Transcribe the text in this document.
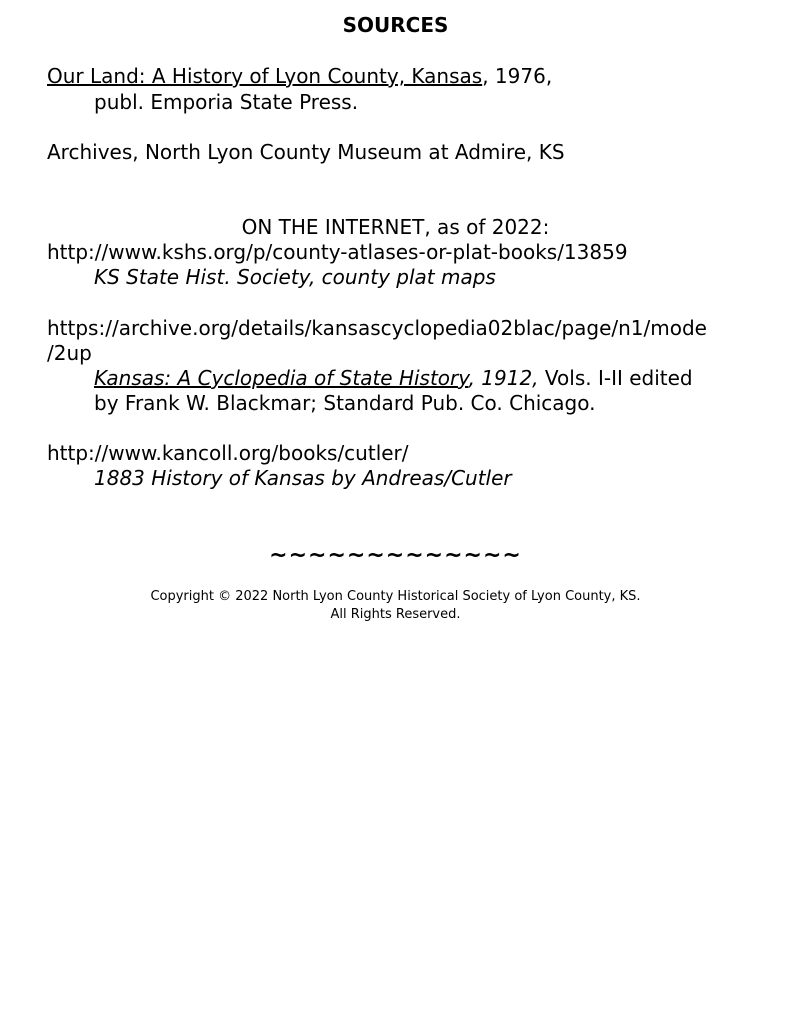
SOURCES
Our Land: A History of Lyon County, Kansas, 1976,
publ. Emporia State Press.
Archives, North Lyon County Museum at Admire, KS
ON THE INTERNET, as of 2022:
http://www.kshs.org/p/county-atlases-or-plat-books/13859
KS State Hist. Society, county plat maps
https://archive.org/details/kansascyclopedia02blac/page/n1/mode
/2up
Kansas: A Cyclopedia of State History, 1912, Vols. I-II edited
by Frank W. Blackmar; Standard Pub. Co. Chicago.
http://www.kancoll.org/books/cutler/
1883 History of Kansas by Andreas/Cutler
~~~~~~~~~~~~~
Copyright © 2022 North Lyon County Historical Society of Lyon County, KS.
All Rights Reserved.
